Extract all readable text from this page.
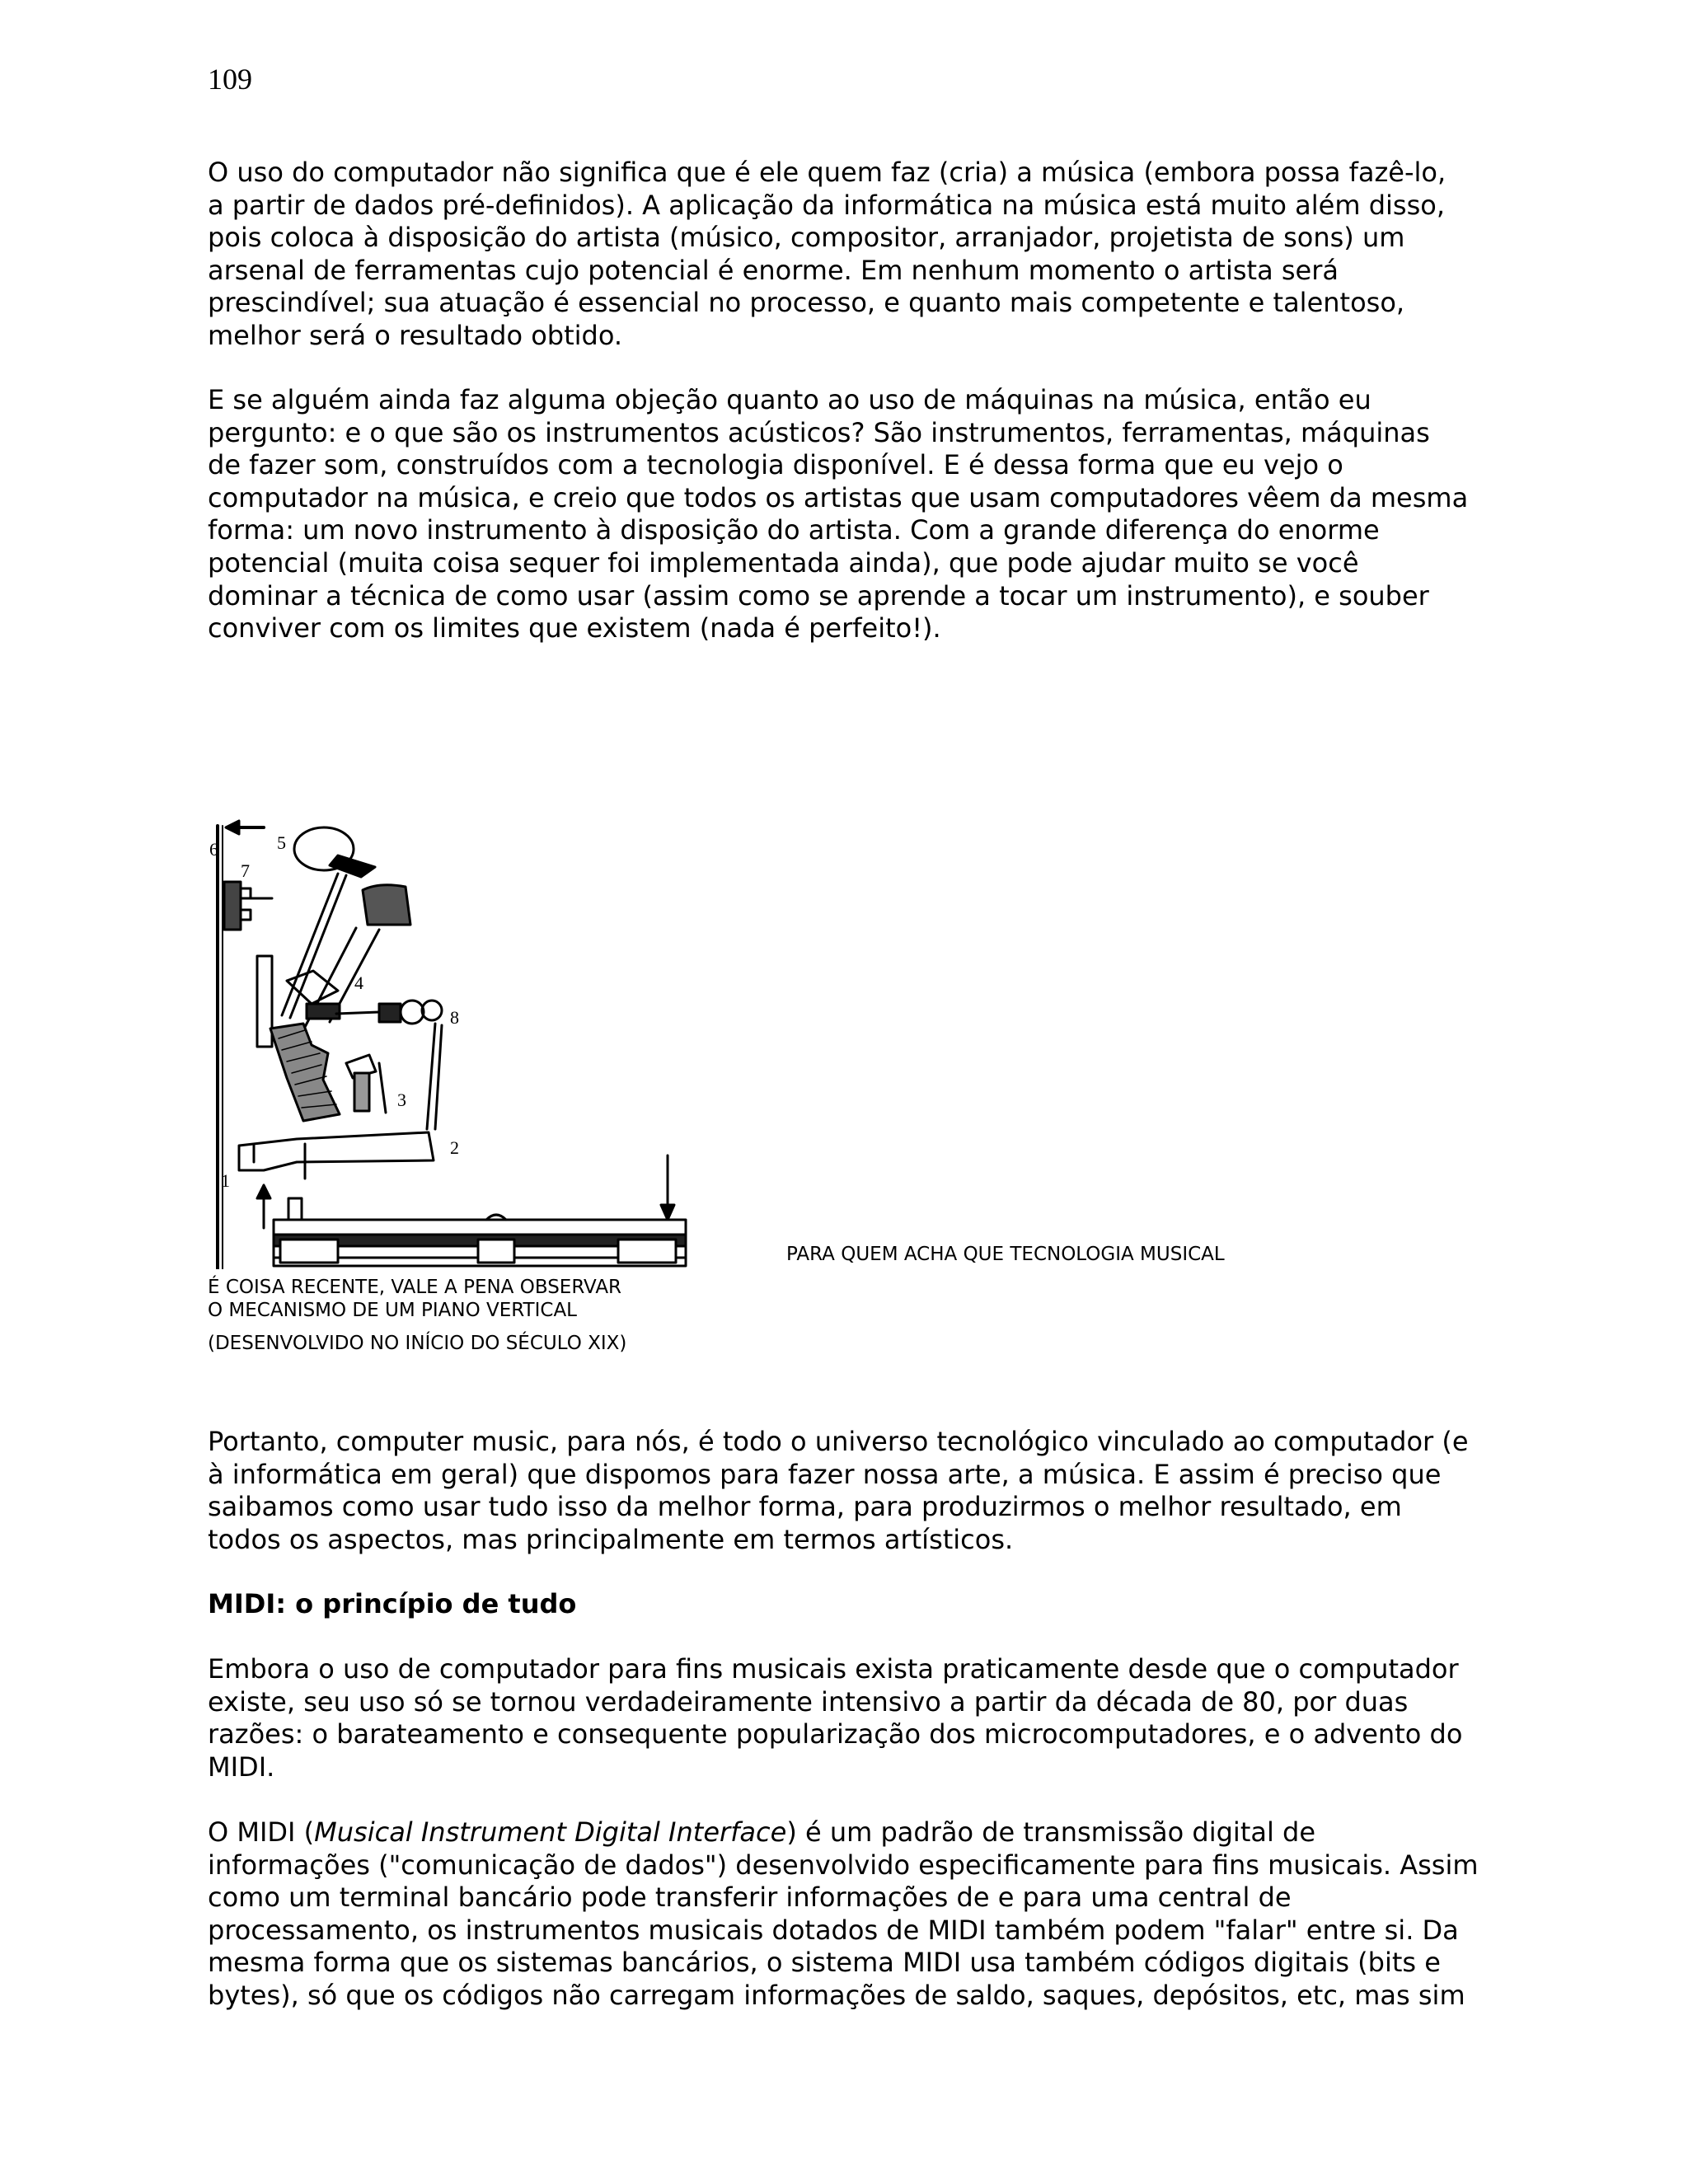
109
O uso do computador não significa que é ele quem faz (cria) a música (embora possa fazê-lo,
a partir de dados pré-definidos). A aplicação da informática na música está muito além disso,
pois coloca à disposição do artista (músico, compositor, arranjador, projetista de sons) um
arsenal de ferramentas cujo potencial é enorme. Em nenhum momento o artista será
prescindível; sua atuação é essencial no processo, e quanto mais competente e talentoso,
melhor será o resultado obtido.
E se alguém ainda faz alguma objeção quanto ao uso de máquinas na música, então eu
pergunto: e o que são os instrumentos acústicos? São instrumentos, ferramentas, máquinas
de fazer som, construídos com a tecnologia disponível. E é dessa forma que eu vejo o
computador na música, e creio que todos os artistas que usam computadores vêem da mesma
forma: um novo instrumento à disposição do artista. Com a grande diferença do enorme
potencial (muita coisa sequer foi implementada ainda), que pode ajudar muito se você
dominar a técnica de como usar (assim como se aprende a tocar um instrumento), e souber
conviver com os limites que existem (nada é perfeito!).
1
2
3
4
5
6
7
8
PARA QUEM ACHA QUE TECNOLOGIA MUSICAL
É COISA RECENTE, VALE A PENA OBSERVAR
O MECANISMO DE UM PIANO VERTICAL
(DESENVOLVIDO NO INÍCIO DO SÉCULO XIX)
Portanto, computer music, para nós, é todo o universo tecnológico vinculado ao computador (e
à informática em geral) que dispomos para fazer nossa arte, a música. E assim é preciso que
saibamos como usar tudo isso da melhor forma, para produzirmos o melhor resultado, em
todos os aspectos, mas principalmente em termos artísticos.
MIDI: o princípio de tudo
Embora o uso de computador para fins musicais exista praticamente desde que o computador
existe, seu uso só se tornou verdadeiramente intensivo a partir da década de 80, por duas
razões: o barateamento e consequente popularização dos microcomputadores, e o advento do
MIDI.
O MIDI (Musical Instrument Digital Interface) é um padrão de transmissão digital de
informações ("comunicação de dados") desenvolvido especificamente para fins musicais. Assim
como um terminal bancário pode transferir informações de e para uma central de
processamento, os instrumentos musicais dotados de MIDI também podem "falar" entre si. Da
mesma forma que os sistemas bancários, o sistema MIDI usa também códigos digitais (bits e
bytes), só que os códigos não carregam informações de saldo, saques, depósitos, etc, mas sim
